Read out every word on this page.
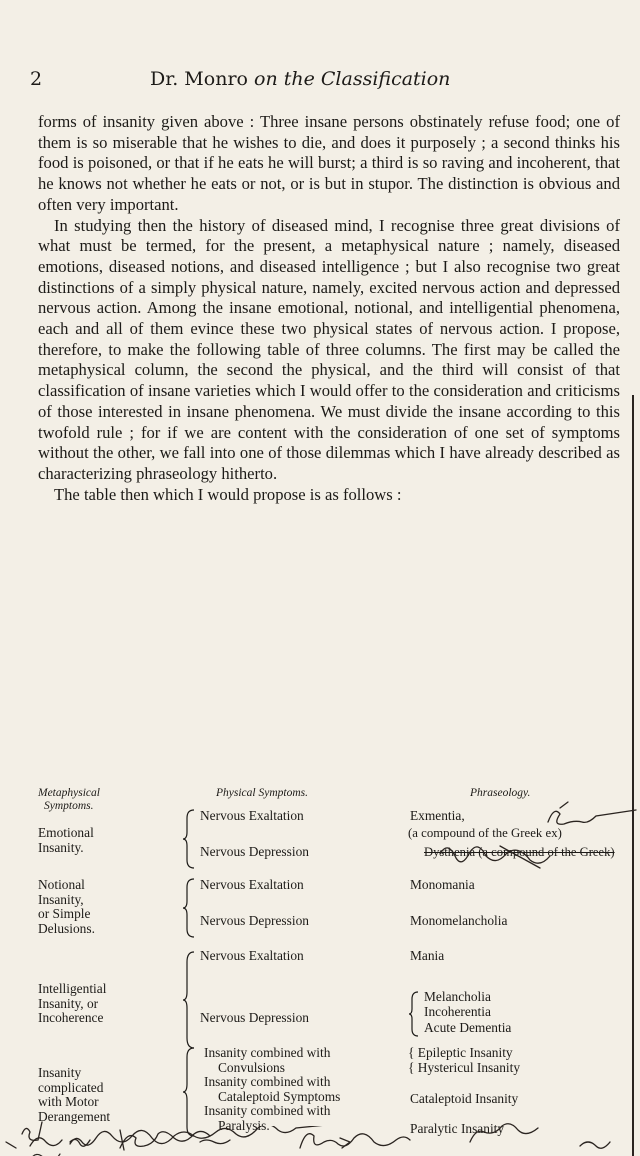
2	Dr. Monro on the Classification

forms of insanity given above : Three insane persons obstinately refuse food; one of them is so miserable that he wishes to die, and does it purposely ; a second thinks his food is poisoned, or that if he eats he will burst; a third is so raving and incoherent, that he knows not whether he eats or not, or is but in stupor. The distinction is obvious and often very important.

In studying then the history of diseased mind, I recognise three great divisions of what must be termed, for the present, a metaphysical nature ; namely, diseased emotions, diseased notions, and diseased intelligence ; but I also recognise two great distinctions of a simply physical nature, namely, excited nervous action and depressed nervous action. Among the insane emotional, notional, and intelligential phenomena, each and all of them evince these two physical states of nervous action. I propose, therefore, to make the following table of three columns. The first may be called the metaphysical column, the second the physical, and the third will consist of that classification of insane varieties which I would offer to the consideration and criticisms of those interested in insane phenomena. We must divide the insane according to this twofold rule ; for if we are content with the consideration of one set of symptoms without the other, we fall into one of those dilemmas which I have already described as characterizing phraseology hitherto.

The table then which I would propose is as follows :

Metaphysical
Symptoms.
Physical Symptoms.	Phraseology.
Emotional
Insanity.
Nervous Exaltation
Nervous Depression
Exmentia,
(a compound of the Greek ex)
Dysthenia (a compound of the Greek)
Notional
Insanity,
or Simple
Delusions.
Nervous Exaltation
Nervous Depression
Monomania
Monomelancholia
Intelligential
Insanity, or
Incoherence
Nervous Exaltation
Nervous Depression
Mania
Melancholia
Incoherentia
Acute Dementia
Insanity
complicated
with Motor
Derangement
Insanity combined with
Convulsions
Insanity combined with
Cataleptoid Symptoms
Insanity combined with
Paralysis.
{ Epileptic Insanity
{ Hystericul Insanity
Cataleptoid Insanity
Paralytic Insanity
